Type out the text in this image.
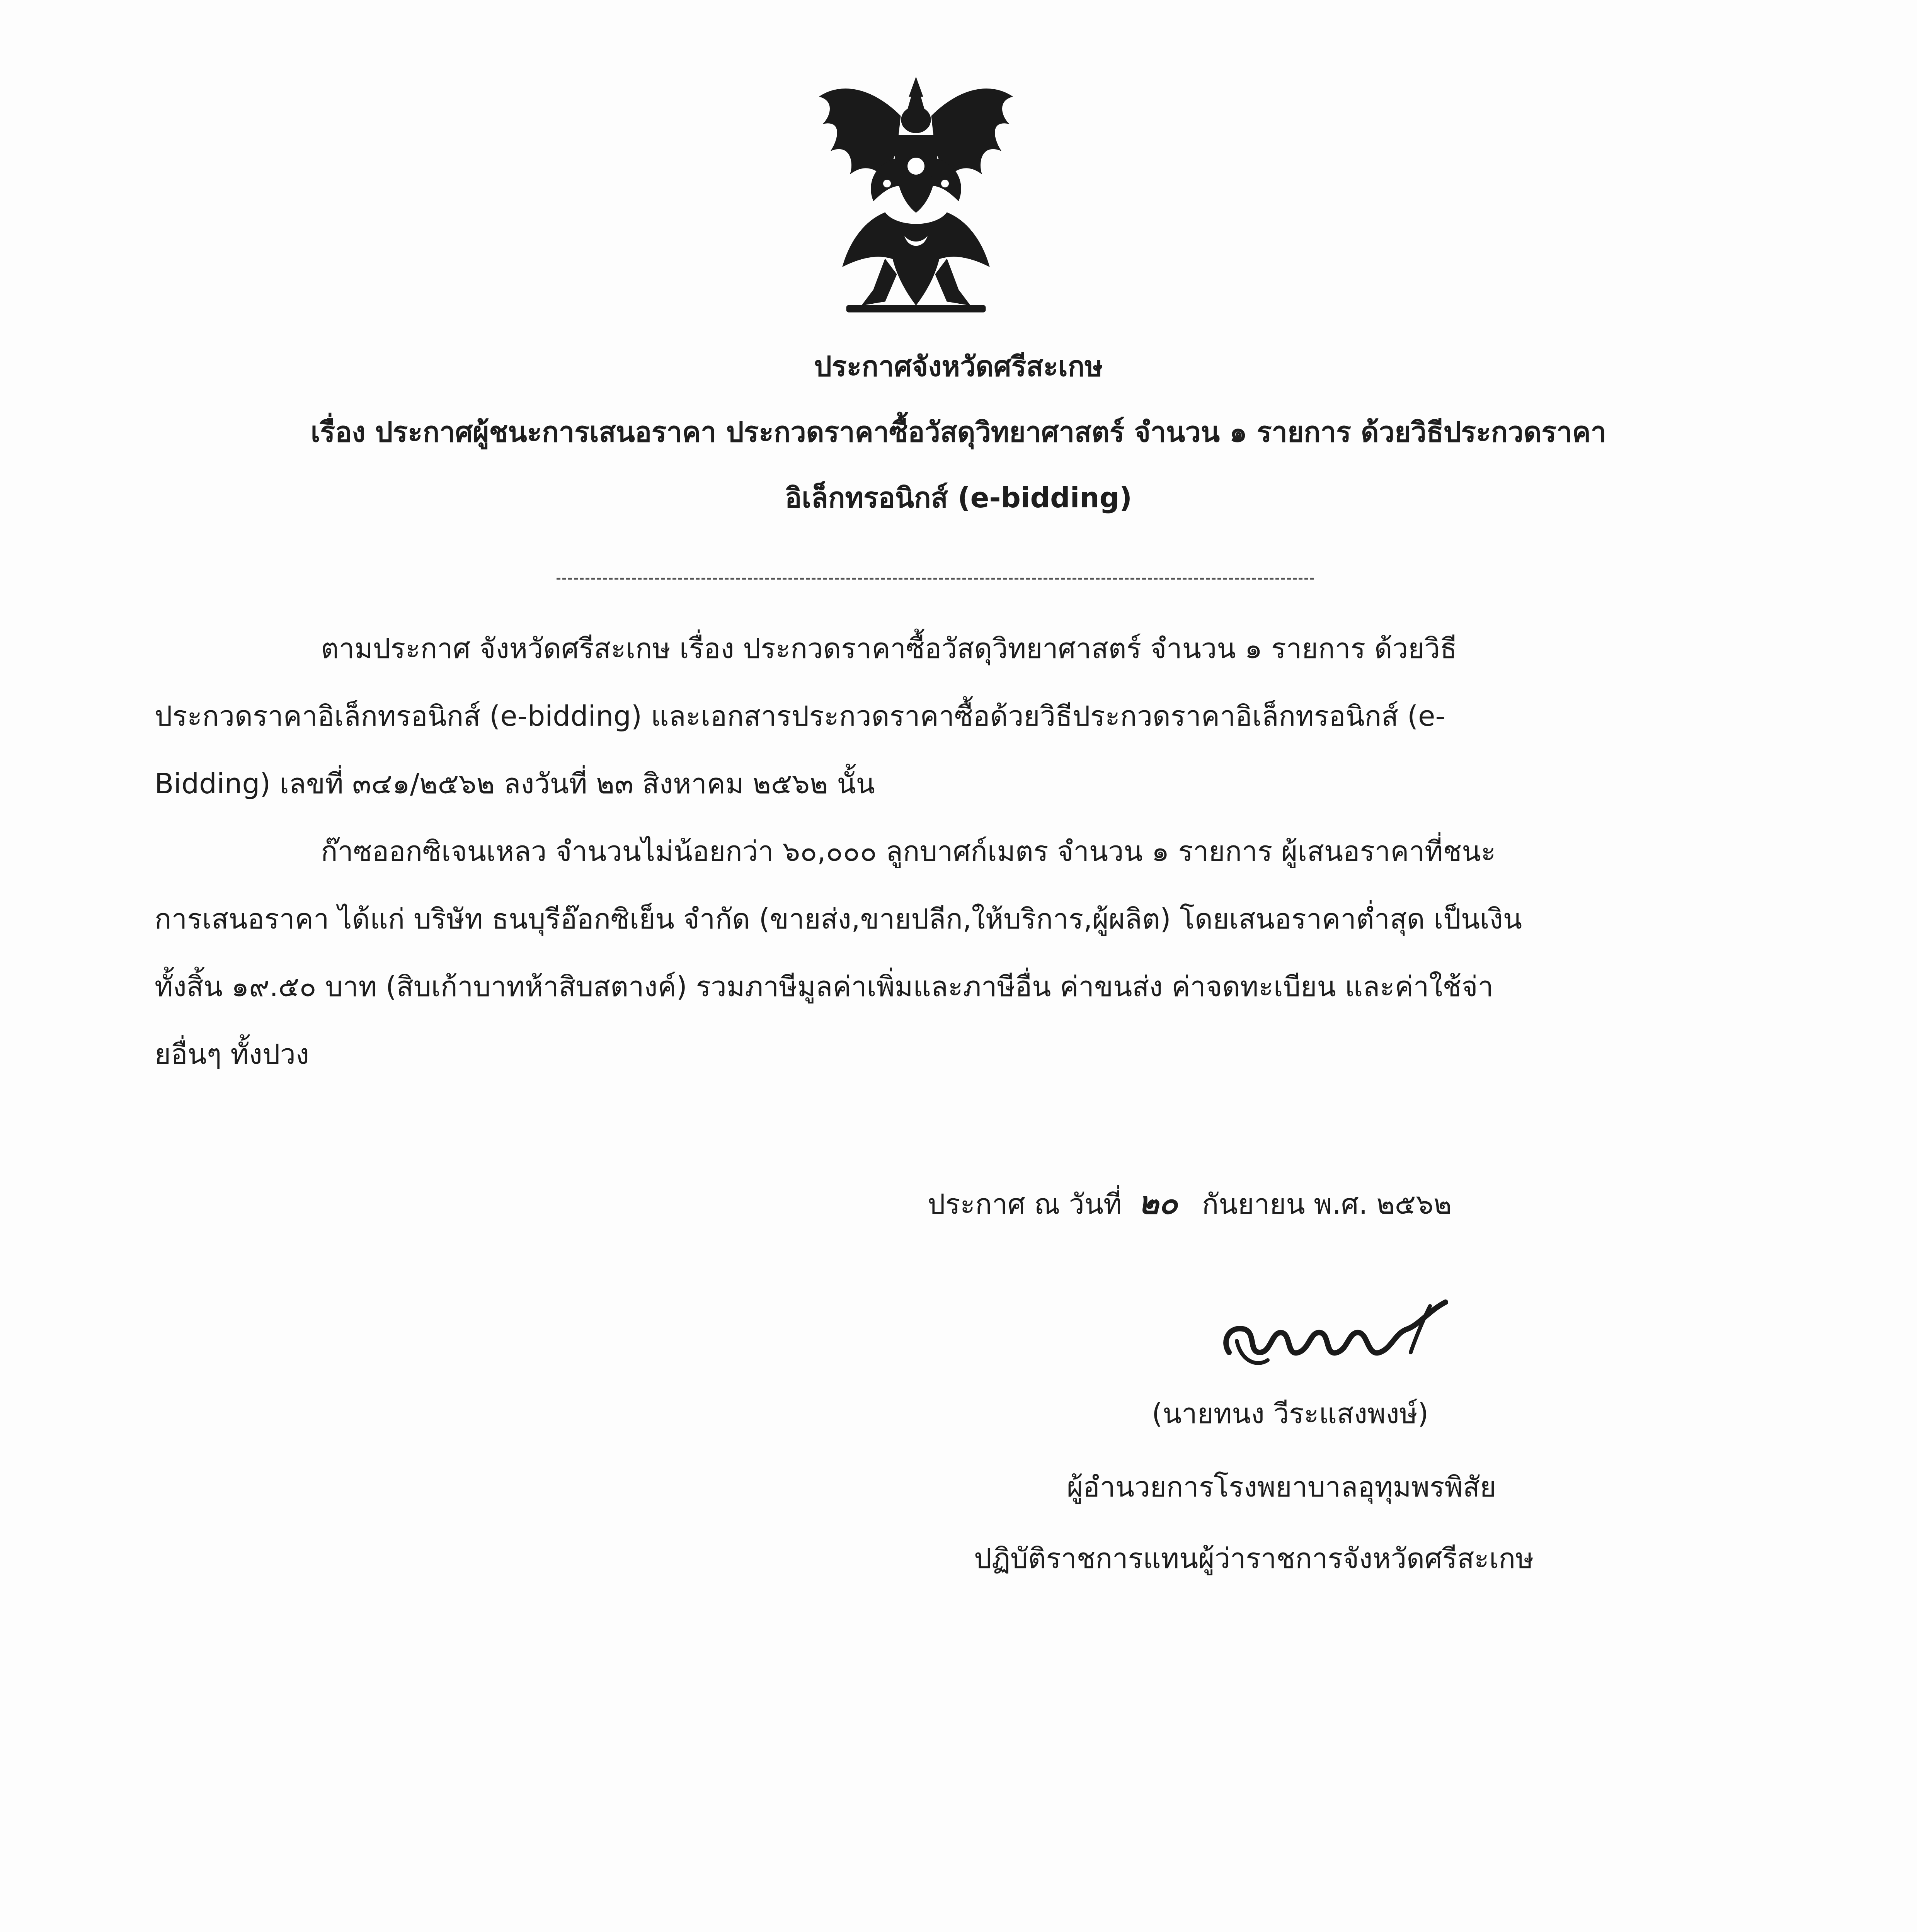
ประกาศจังหวัดศรีสะเกษ
เรื่อง ประกาศผู้ชนะการเสนอราคา ประกวดราคาซื้อวัสดุวิทยาศาสตร์ จำนวน ๑ รายการ ด้วยวิธีประกวดราคา
อิเล็กทรอนิกส์ (e-bidding)
ตามประกาศ จังหวัดศรีสะเกษ เรื่อง ประกวดราคาซื้อวัสดุวิทยาศาสตร์ จำนวน ๑ รายการ ด้วยวิธี
ประกวดราคาอิเล็กทรอนิกส์ (e-bidding) และเอกสารประกวดราคาซื้อด้วยวิธีประกวดราคาอิเล็กทรอนิกส์ (e-
Bidding) เลขที่ ๓๔๑/๒๕๖๒ ลงวันที่ ๒๓ สิงหาคม ๒๕๖๒ นั้น
ก๊าซออกซิเจนเหลว จำนวนไม่น้อยกว่า ๖๐,๐๐๐ ลูกบาศก์เมตร จำนวน ๑ รายการ ผู้เสนอราคาที่ชนะ
การเสนอราคา ได้แก่ บริษัท ธนบุรีอ๊อกซิเย็น จำกัด (ขายส่ง,ขายปลีก,ให้บริการ,ผู้ผลิต) โดยเสนอราคาต่ำสุด เป็นเงิน
ทั้งสิ้น ๑๙.๕๐ บาท (สิบเก้าบาทห้าสิบสตางค์) รวมภาษีมูลค่าเพิ่มและภาษีอื่น ค่าขนส่ง ค่าจดทะเบียน และค่าใช้จ่า
ยอื่นๆ ทั้งปวง
ประกาศ ณ วันที่ ๒๐ กันยายน พ.ศ. ๒๕๖๒
(นายทนง วีระแสงพงษ์)
ผู้อำนวยการโรงพยาบาลอุทุมพรพิสัย
ปฏิบัติราชการแทนผู้ว่าราชการจังหวัดศรีสะเกษ
